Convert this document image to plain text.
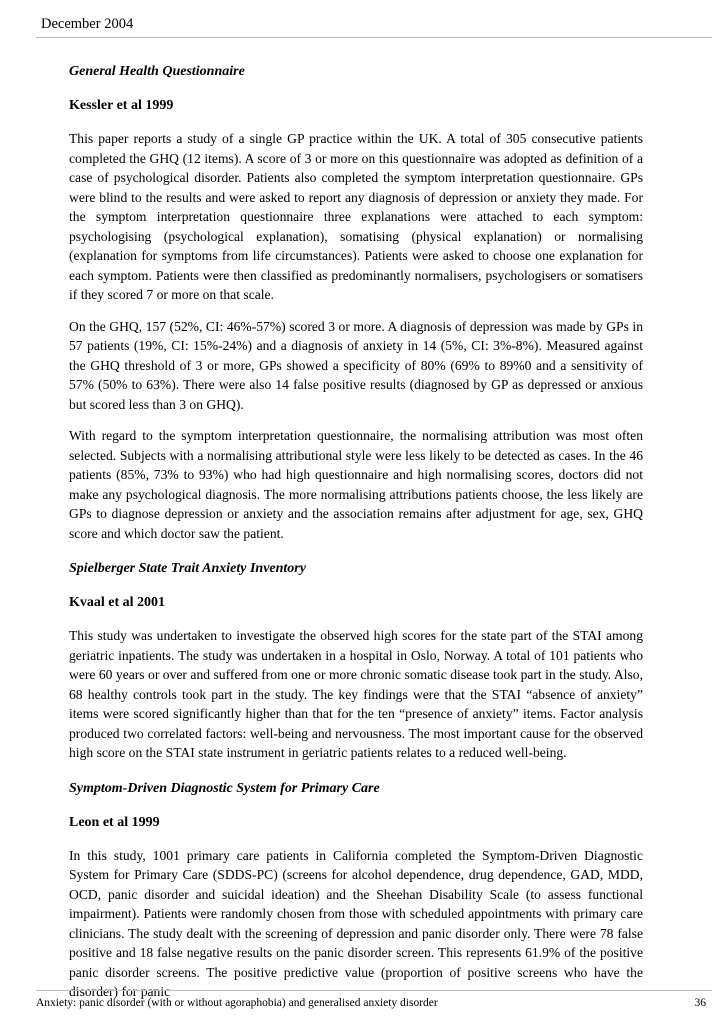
December 2004
General Health Questionnaire
Kessler et al 1999

This paper reports a study of a single GP practice within the UK. A total of 305 consecutive patients completed the GHQ (12 items). A score of 3 or more on this questionnaire was adopted as definition of a case of psychological disorder. Patients also completed the symptom interpretation questionnaire. GPs were blind to the results and were asked to report any diagnosis of depression or anxiety they made. For the symptom interpretation questionnaire three explanations were attached to each symptom: psychologising (psychological explanation), somatising (physical explanation) or normalising (explanation for symptoms from life circumstances). Patients were asked to choose one explanation for each symptom. Patients were then classified as predominantly normalisers, psychologisers or somatisers if they scored 7 or more on that scale.

On the GHQ, 157 (52%, CI: 46%-57%) scored 3 or more. A diagnosis of depression was made by GPs in 57 patients (19%, CI: 15%-24%) and a diagnosis of anxiety in 14 (5%, CI: 3%-8%). Measured against the GHQ threshold of 3 or more, GPs showed a specificity of 80% (69% to 89%0 and a sensitivity of 57% (50% to 63%). There were also 14 false positive results (diagnosed by GP as depressed or anxious but scored less than 3 on GHQ).

With regard to the symptom interpretation questionnaire, the normalising attribution was most often selected. Subjects with a normalising attributional style were less likely to be detected as cases. In the 46 patients (85%, 73% to 93%) who had high questionnaire and high normalising scores, doctors did not make any psychological diagnosis. The more normalising attributions patients choose, the less likely are GPs to diagnose depression or anxiety and the association remains after adjustment for age, sex, GHQ score and which doctor saw the patient.

Spielberger State Trait Anxiety Inventory
Kvaal et al 2001

This study was undertaken to investigate the observed high scores for the state part of the STAI among geriatric inpatients. The study was undertaken in a hospital in Oslo, Norway. A total of 101 patients who were 60 years or over and suffered from one or more chronic somatic disease took part in the study. Also, 68 healthy controls took part in the study. The key findings were that the STAI “absence of anxiety” items were scored significantly higher than that for the ten “presence of anxiety” items. Factor analysis produced two correlated factors: well-being and nervousness. The most important cause for the observed high score on the STAI state instrument in geriatric patients relates to a reduced well-being.

Symptom-Driven Diagnostic System for Primary Care
Leon et al 1999

In this study, 1001 primary care patients in California completed the Symptom-Driven Diagnostic System for Primary Care (SDDS-PC) (screens for alcohol dependence, drug dependence, GAD, MDD, OCD, panic disorder and suicidal ideation) and the Sheehan Disability Scale (to assess functional impairment). Patients were randomly chosen from those with scheduled appointments with primary care clinicians. The study dealt with the screening of depression and panic disorder only. There were 78 false positive and 18 false negative results on the panic disorder screen. This represents 61.9% of the positive panic disorder screens. The positive predictive value (proportion of positive screens who have the disorder) for panic

Anxiety: panic disorder (with or without agoraphobia) and generalised anxiety disorder	36
